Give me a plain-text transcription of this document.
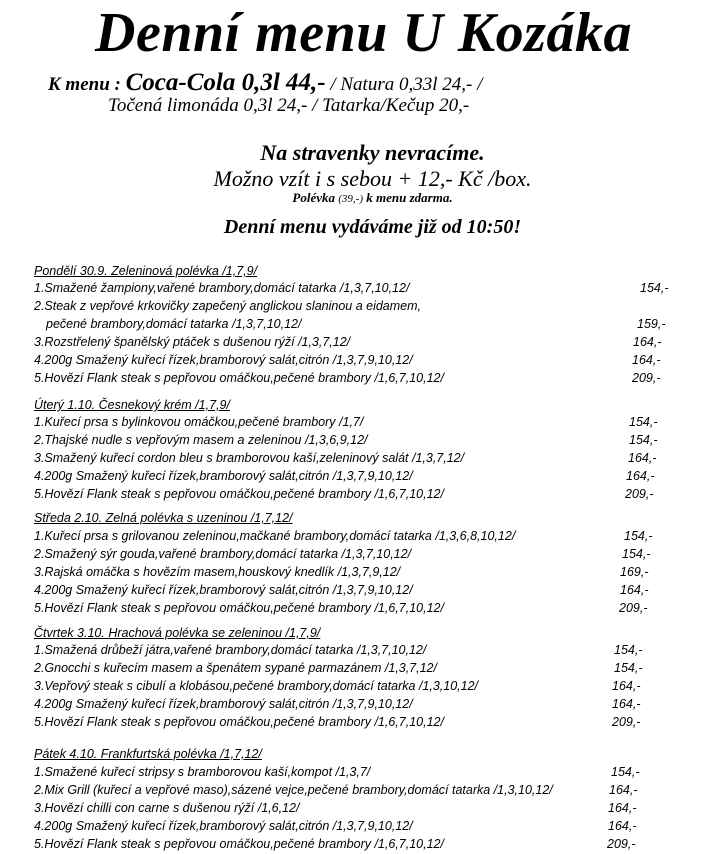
Denní menu U Kozáka
K menu : Coca-Cola 0,3l 44,- / Natura 0,33l 24,- /
Točená limonáda 0,3l 24,- / Tatarka/Kečup 20,-
Na stravenky nevracíme.
Možno vzít i s sebou + 12,- Kč /box.
Polévka (39,-) k menu zdarma.
Denní menu vydáváme již od 10:50!
Pondělí 30.9. Zeleninová polévka /1,7,9/
1.Smažené žampiony,vařené brambory,domácí tatarka /1,3,7,10,12/	154,-
2.Steak z vepřové krkovičky zapečený anglickou slaninou a eidamem,
pečené brambory,domácí tatarka /1,3,7,10,12/	159,-
3.Rozstřelený španělský ptáček s dušenou rýží /1,3,7,12/	164,-
4.200g Smažený kuřecí řízek,bramborový salát,citrón /1,3,7,9,10,12/	164,-
5.Hovězí Flank steak s pepřovou omáčkou,pečené brambory /1,6,7,10,12/	209,-
Úterý 1.10. Česnekový krém /1,7,9/
1.Kuřecí prsa s bylinkovou omáčkou,pečené brambory /1,7/	154,-
2.Thajské nudle s vepřovým masem a zeleninou /1,3,6,9,12/	154,-
3.Smažený kuřecí cordon bleu s bramborovou kaší,zeleninový salát /1,3,7,12/	164,-
4.200g Smažený kuřecí řízek,bramborový salát,citrón /1,3,7,9,10,12/	164,-
5.Hovězí Flank steak s pepřovou omáčkou,pečené brambory /1,6,7,10,12/	209,-
Středa 2.10. Zelná polévka s uzeninou /1,7,12/
1.Kuřecí prsa s grilovanou zeleninou,mačkané brambory,domácí tatarka /1,3,6,8,10,12/	154,-
2.Smažený sýr gouda,vařené brambory,domácí tatarka /1,3,7,10,12/	154,-
3.Rajská omáčka s hovězím masem,houskový knedlík /1,3,7,9,12/	169,-
4.200g Smažený kuřecí řízek,bramborový salát,citrón /1,3,7,9,10,12/	164,-
5.Hovězí Flank steak s pepřovou omáčkou,pečené brambory /1,6,7,10,12/	209,-
Čtvrtek 3.10. Hrachová polévka se zeleninou /1,7,9/
1.Smažená drůbeží játra,vařené brambory,domácí tatarka /1,3,7,10,12/	154,-
2.Gnocchi s kuřecím masem a špenátem sypané parmazánem /1,3,7,12/	154,-
3.Vepřový steak s cibulí a klobásou,pečené brambory,domácí tatarka /1,3,10,12/	164,-
4.200g Smažený kuřecí řízek,bramborový salát,citrón /1,3,7,9,10,12/	164,-
5.Hovězí Flank steak s pepřovou omáčkou,pečené brambory /1,6,7,10,12/	209,-
Pátek 4.10. Frankfurtská polévka /1,7,12/
1.Smažené kuřecí stripsy s bramborovou kaší,kompot /1,3,7/	154,-
2.Mix Grill (kuřecí a vepřové maso),sázené vejce,pečené brambory,domácí tatarka /1,3,10,12/	164,-
3.Hovězí chilli con carne s dušenou rýží /1,6,12/	164,-
4.200g Smažený kuřecí řízek,bramborový salát,citrón /1,3,7,9,10,12/	164,-
5.Hovězí Flank steak s pepřovou omáčkou,pečené brambory /1,6,7,10,12/	209,-
